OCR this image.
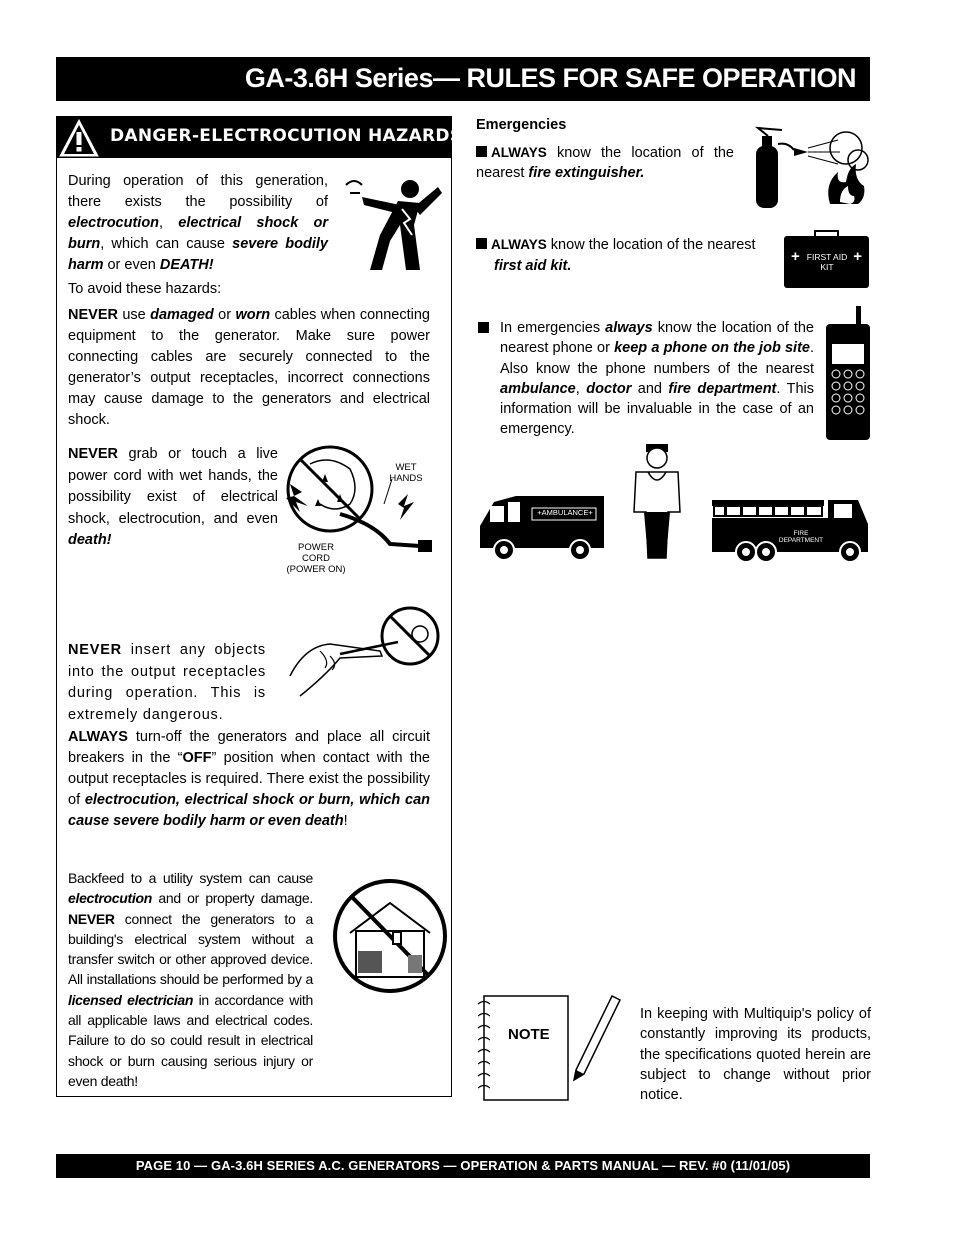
GA-3.6H Series— RULES FOR SAFE OPERATION
DANGER-ELECTROCUTION HAZARDS
During operation of this generation, there exists the possibility of electrocution, electrical shock or burn, which can cause severe bodily harm or even DEATH!
To avoid these hazards:
NEVER use damaged or worn cables when connecting equipment to the generator. Make sure power connecting cables are securely connected to the generator’s output receptacles, incorrect connections may cause damage to the generators and electrical shock.
NEVER grab or touch a live power cord with wet hands, the possibility exist of electrical shock, electrocution, and even death!
WET
HANDS
POWER
CORD
(POWER ON)
NEVER insert any objects into the output receptacles during operation. This is extremely dangerous.
ALWAYS turn-off the generators and place all circuit breakers in the “OFF” position when contact with the output receptacles is required. There exist the possibility of electrocution, electrical shock or burn, which can cause severe bodily harm or even death!
Backfeed to a utility system can cause electrocution and or property damage. NEVER connect the generators to a building's electrical system without a transfer switch or other approved device. All installations should be performed by a licensed electrician in accordance with all applicable laws and electrical codes. Failure to do so could result in electrical shock or burn causing serious injury or even death!
Emergencies
ALWAYS know the location of the nearest fire extinguisher.
ALWAYS know the location of the nearest
first aid kit.
+	+
FIRST AID
KIT
In emergencies always know the location of the nearest phone or keep a phone on the job site. Also know the phone numbers of the nearest ambulance, doctor and fire department. This information will be invaluable in the case of an emergency.
+AMBULANCE+
FIRE
DEPARTMENT
NOTE
In keeping with Multiquip's policy of constantly improving its products, the specifications quoted herein are subject to change without prior notice.
PAGE 10 — GA-3.6H SERIES A.C. GENERATORS — OPERATION & PARTS MANUAL — REV. #0 (11/01/05)
